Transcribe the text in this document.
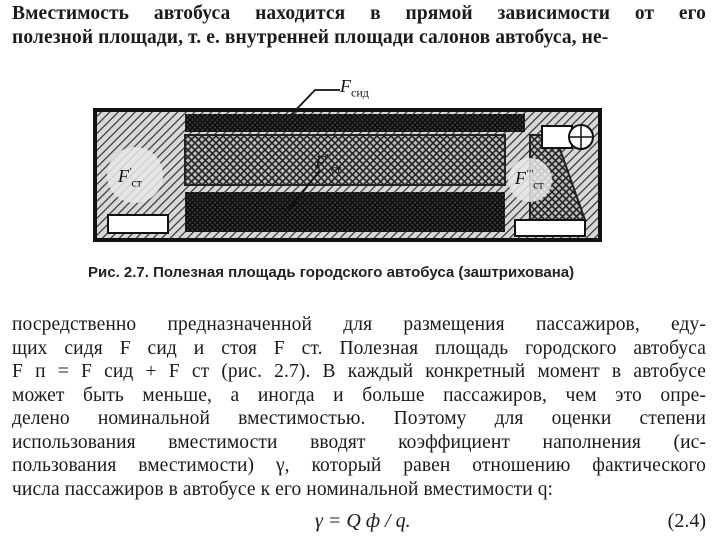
Вместимость автобуса находится в прямой зависимости от его
полезной площади, т. е. внутренней площади салонов автобуса, не-
$F_{сид}$
$F'_{ст}$
$F''_{ст}$	$F'''_{ст}$
Рис. 2.7. Полезная площадь городского автобуса (заштрихована)
посредственно предназначенной для размещения пассажиров, еду-
щих сидя F сид и стоя F ст. Полезная площадь городского автобуса
F п = F сид + F ст (рис. 2.7). В каждый конкретный момент в автобусе
может быть меньше, а иногда и больше пассажиров, чем это опре-
делено номинальной вместимостью. Поэтому для оценки степени
использования вместимости вводят коэффициент наполнения (ис-
пользования вместимости) γ, который равен отношению фактического
числа пассажиров в автобусе к его номинальной вместимости q:
γ = Q ф / q.	(2.4)
